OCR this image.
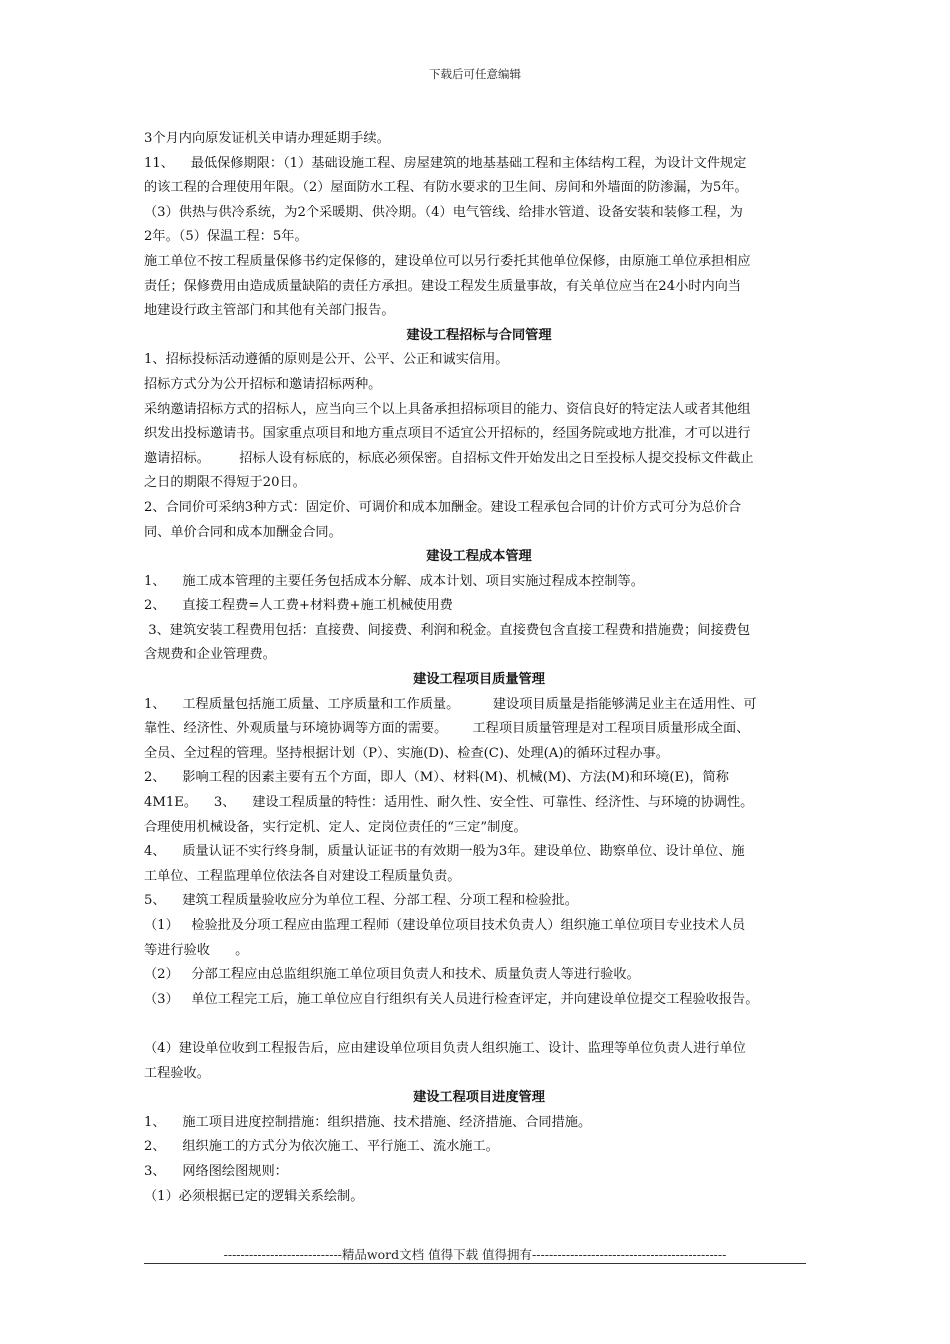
下载后可任意编辑

3个月内向原发证机关申请办理延期手续。

11、    最低保修期限：（1）基础设施工程、房屋建筑的地基基础工程和主体结构工程，为设计文件规定

的该工程的合理使用年限。（2）屋面防水工程、有防水要求的卫生间、房间和外墙面的防渗漏，为5年。

（3）供热与供冷系统，为2个采暖期、供冷期。（4）电气管线、给排水管道、设备安装和装修工程，为

2年。（5）保温工程：5年。

施工单位不按工程质量保修书约定保修的，建设单位可以另行委托其他单位保修，由原施工单位承担相应

责任；保修费用由造成质量缺陷的责任方承担。建设工程发生质量事故，有关单位应当在24小时内向当

地建设行政主管部门和其他有关部门报告。

建设工程招标与合同管理

1、招标投标活动遵循的原则是公开、公平、公正和诚实信用。

招标方式分为公开招标和邀请招标两种。

采纳邀请招标方式的招标人，应当向三个以上具备承担招标项目的能力、资信良好的特定法人或者其他组

织发出投标邀请书。国家重点项目和地方重点项目不适宜公开招标的，经国务院或地方批准，才可以进行

邀请招标。       招标人设有标底的，标底必须保密。自招标文件开始发出之日至投标人提交投标文件截止

之日的期限不得短于20日。

2、合同价可采纳3种方式：固定价、可调价和成本加酬金。建设工程承包合同的计价方式可分为总价合

同、单价合同和成本加酬金合同。

建设工程成本管理

1、    施工成本管理的主要任务包括成本分解、成本计划、项目实施过程成本控制等。

2、    直接工程费=人工费+材料费+施工机械使用费

3、建筑安装工程费用包括：直接费、间接费、利润和税金。直接费包含直接工程费和措施费；间接费包

含规费和企业管理费。

建设工程项目质量管理

1、    工程质量包括施工质量、工序质量和工作质量。        建设项目质量是指能够满足业主在适用性、可

靠性、经济性、外观质量与环境协调等方面的需要。      工程项目质量管理是对工程项目质量形成全面、

全员、全过程的管理。坚持根据计划（P）、实施(D)、检查(C)、处理(A)的循环过程办事。

2、    影响工程的因素主要有五个方面，即人（M）、材料(M)、机械(M)、方法(M)和环境(E)，简称

4M1E。    3、    建设工程质量的特性：适用性、耐久性、安全性、可靠性、经济性、与环境的协调性。

合理使用机械设备，实行定机、定人、定岗位责任的“三定”制度。

4、    质量认证不实行终身制，质量认证证书的有效期一般为3年。建设单位、勘察单位、设计单位、施

工单位、工程监理单位依法各自对建设工程质量负责。

5、    建筑工程质量验收应分为单位工程、分部工程、分项工程和检验批。

（1）   检验批及分项工程应由监理工程师（建设单位项目技术负责人）组织施工单位项目专业技术人员

等进行验收      。

（2）   分部工程应由总监组织施工单位项目负责人和技术、质量负责人等进行验收。

（3）   单位工程完工后，施工单位应自行组织有关人员进行检查评定，并向建设单位提交工程验收报告。

（4）建设单位收到工程报告后，应由建设单位项目负责人组织施工、设计、监理等单位负责人进行单位

工程验收。

建设工程项目进度管理

1、    施工项目进度控制措施：组织措施、技术措施、经济措施、合同措施。

2、    组织施工的方式分为依次施工、平行施工、流水施工。

3、    网络图绘图规则：

（1）必须根据已定的逻辑关系绘制。

----------------------------精品word文档 值得下载 值得拥有----------------------------------------------
